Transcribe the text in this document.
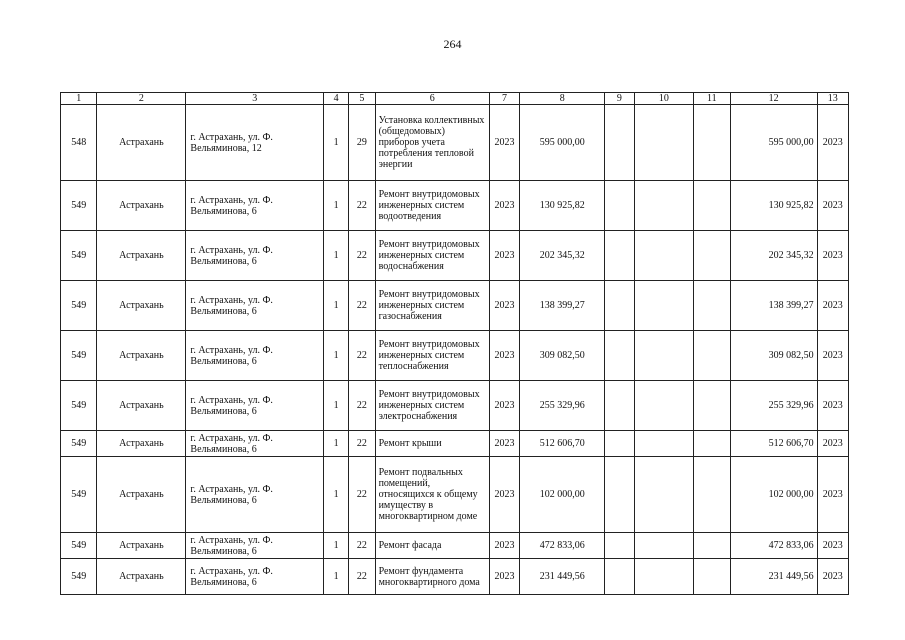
264
1	2	3	4	5	6	7	8	9	10	11	12	13
548	Астрахань	г. Астрахань, ул. Ф. Вельяминова, 12	1	29	Установка коллективных (общедомовых) приборов учета потребления тепловой энергии	2023	595 000,00				595 000,00	2023
549	Астрахань	г. Астрахань, ул. Ф. Вельяминова, 6	1	22	Ремонт внутридомовых инженерных систем водоотведения	2023	130 925,82				130 925,82	2023
549	Астрахань	г. Астрахань, ул. Ф. Вельяминова, 6	1	22	Ремонт внутридомовых инженерных систем водоснабжения	2023	202 345,32				202 345,32	2023
549	Астрахань	г. Астрахань, ул. Ф. Вельяминова, 6	1	22	Ремонт внутридомовых инженерных систем газоснабжения	2023	138 399,27				138 399,27	2023
549	Астрахань	г. Астрахань, ул. Ф. Вельяминова, 6	1	22	Ремонт внутридомовых инженерных систем теплоснабжения	2023	309 082,50				309 082,50	2023
549	Астрахань	г. Астрахань, ул. Ф. Вельяминова, 6	1	22	Ремонт внутридомовых инженерных систем электроснабжения	2023	255 329,96				255 329,96	2023
549	Астрахань	г. Астрахань, ул. Ф. Вельяминова, 6	1	22	Ремонт крыши	2023	512 606,70				512 606,70	2023
549	Астрахань	г. Астрахань, ул. Ф. Вельяминова, 6	1	22	Ремонт подвальных помещений, относящихся к общему имуществу в многоквартирном доме	2023	102 000,00				102 000,00	2023
549	Астрахань	г. Астрахань, ул. Ф. Вельяминова, 6	1	22	Ремонт фасада	2023	472 833,06				472 833,06	2023
549	Астрахань	г. Астрахань, ул. Ф. Вельяминова, 6	1	22	Ремонт фундамента многоквартирного дома	2023	231 449,56				231 449,56	2023
